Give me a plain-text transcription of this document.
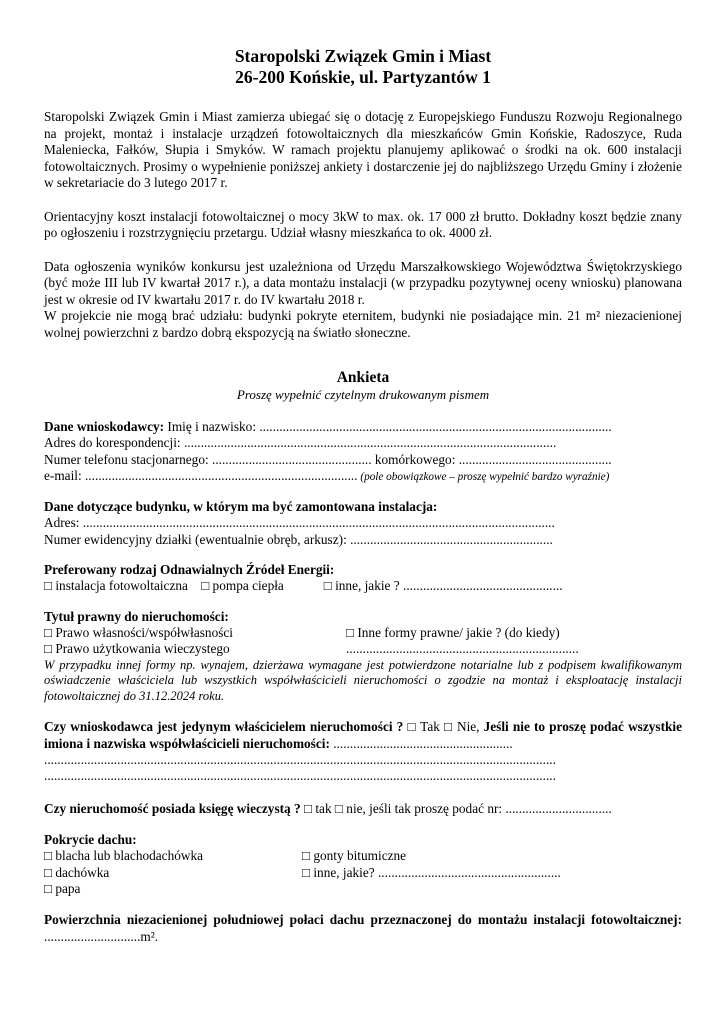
Staropolski Związek Gmin i Miast
26-200 Końskie, ul. Partyzantów 1

Staropolski Związek Gmin i Miast zamierza ubiegać się o dotację z Europejskiego Funduszu Rozwoju Regionalnego na projekt, montaż i instalacje urządzeń fotowoltaicznych dla mieszkańców Gmin Końskie, Radoszyce, Ruda Maleniecka, Fałków, Słupia i Smyków. W ramach projektu planujemy aplikować o środki na ok. 600 instalacji fotowoltaicznych. Prosimy o wypełnienie poniższej ankiety i dostarczenie jej do najbliższego Urzędu Gminy i złożenie w sekretariacie do 3 lutego 2017 r.

Orientacyjny koszt instalacji fotowoltaicznej o mocy 3kW to max. ok. 17 000 zł brutto. Dokładny koszt będzie znany po ogłoszeniu i rozstrzygnięciu przetargu. Udział własny mieszkańca to ok. 4000 zł.

Data ogłoszenia wyników konkursu jest uzależniona od Urzędu Marszałkowskiego Województwa Świętokrzyskiego (być może III lub IV kwartał 2017 r.), a data montażu instalacji (w przypadku pozytywnej oceny wniosku) planowana jest w okresie od IV kwartału 2017 r. do IV kwartału 2018 r.

W projekcie nie mogą brać udziału: budynki pokryte eternitem, budynki nie posiadające min. 21 m² niezacienionej wolnej powierzchni z bardzo dobrą ekspozycją na światło słoneczne.

Ankieta
Proszę wypełnić czytelnym drukowanym pismem
Dane wnioskodawcy: Imię i nazwisko: ..........................................................................................................
Adres do korespondencji: ................................................................................................................
Numer telefonu stacjonarnego: ................................................ komórkowego: ..............................................
e-mail: .................................................................................. (pole obowiązkowe – proszę wypełnić bardzo wyraźnie)
Dane dotyczące budynku, w którym ma być zamontowana instalacja:
Adres: ..............................................................................................................................................
Numer ewidencyjny działki (ewentualnie obręb, arkusz): .............................................................
Preferowany rodzaj Odnawialnych Źródeł Energii:
□ instalacja fotowoltaiczna □ pompa ciepła	□ inne, jakie ? ................................................
Tytuł prawny do nieruchomości:
□ Prawo własności/współwłasności	□ Inne formy prawne/ jakie ? (do kiedy)
□ Prawo użytkowania wieczystego	......................................................................
W przypadku innej formy np. wynajem, dzierżawa wymagane jest potwierdzone notarialne lub z podpisem kwalifikowanym oświadczenie właściciela lub wszystkich współwłaścicieli nieruchomości o zgodzie na montaż i eksploatację instalacji fotowoltaicznej do 31.12.2024 roku.

Czy wnioskodawca jest jedynym właścicielem nieruchomości ? □ Tak □ Nie, Jeśli nie to proszę podać wszystkie imiona i nazwiska współwłaścicieli nieruchomości: ......................................................

..........................................................................................................................................................
..........................................................................................................................................................
Czy nieruchomość posiada księgę wieczystą ? □ tak □ nie, jeśli tak proszę podać nr: ................................
Pokrycie dachu:
□ blacha lub blachodachówka	□ gonty bitumiczne
□ dachówka	□ inne, jakie? .......................................................
□ papa

Powierzchnia niezacienionej południowej połaci dachu przeznaczonej do montażu instalacji fotowoltaicznej: .............................m².
